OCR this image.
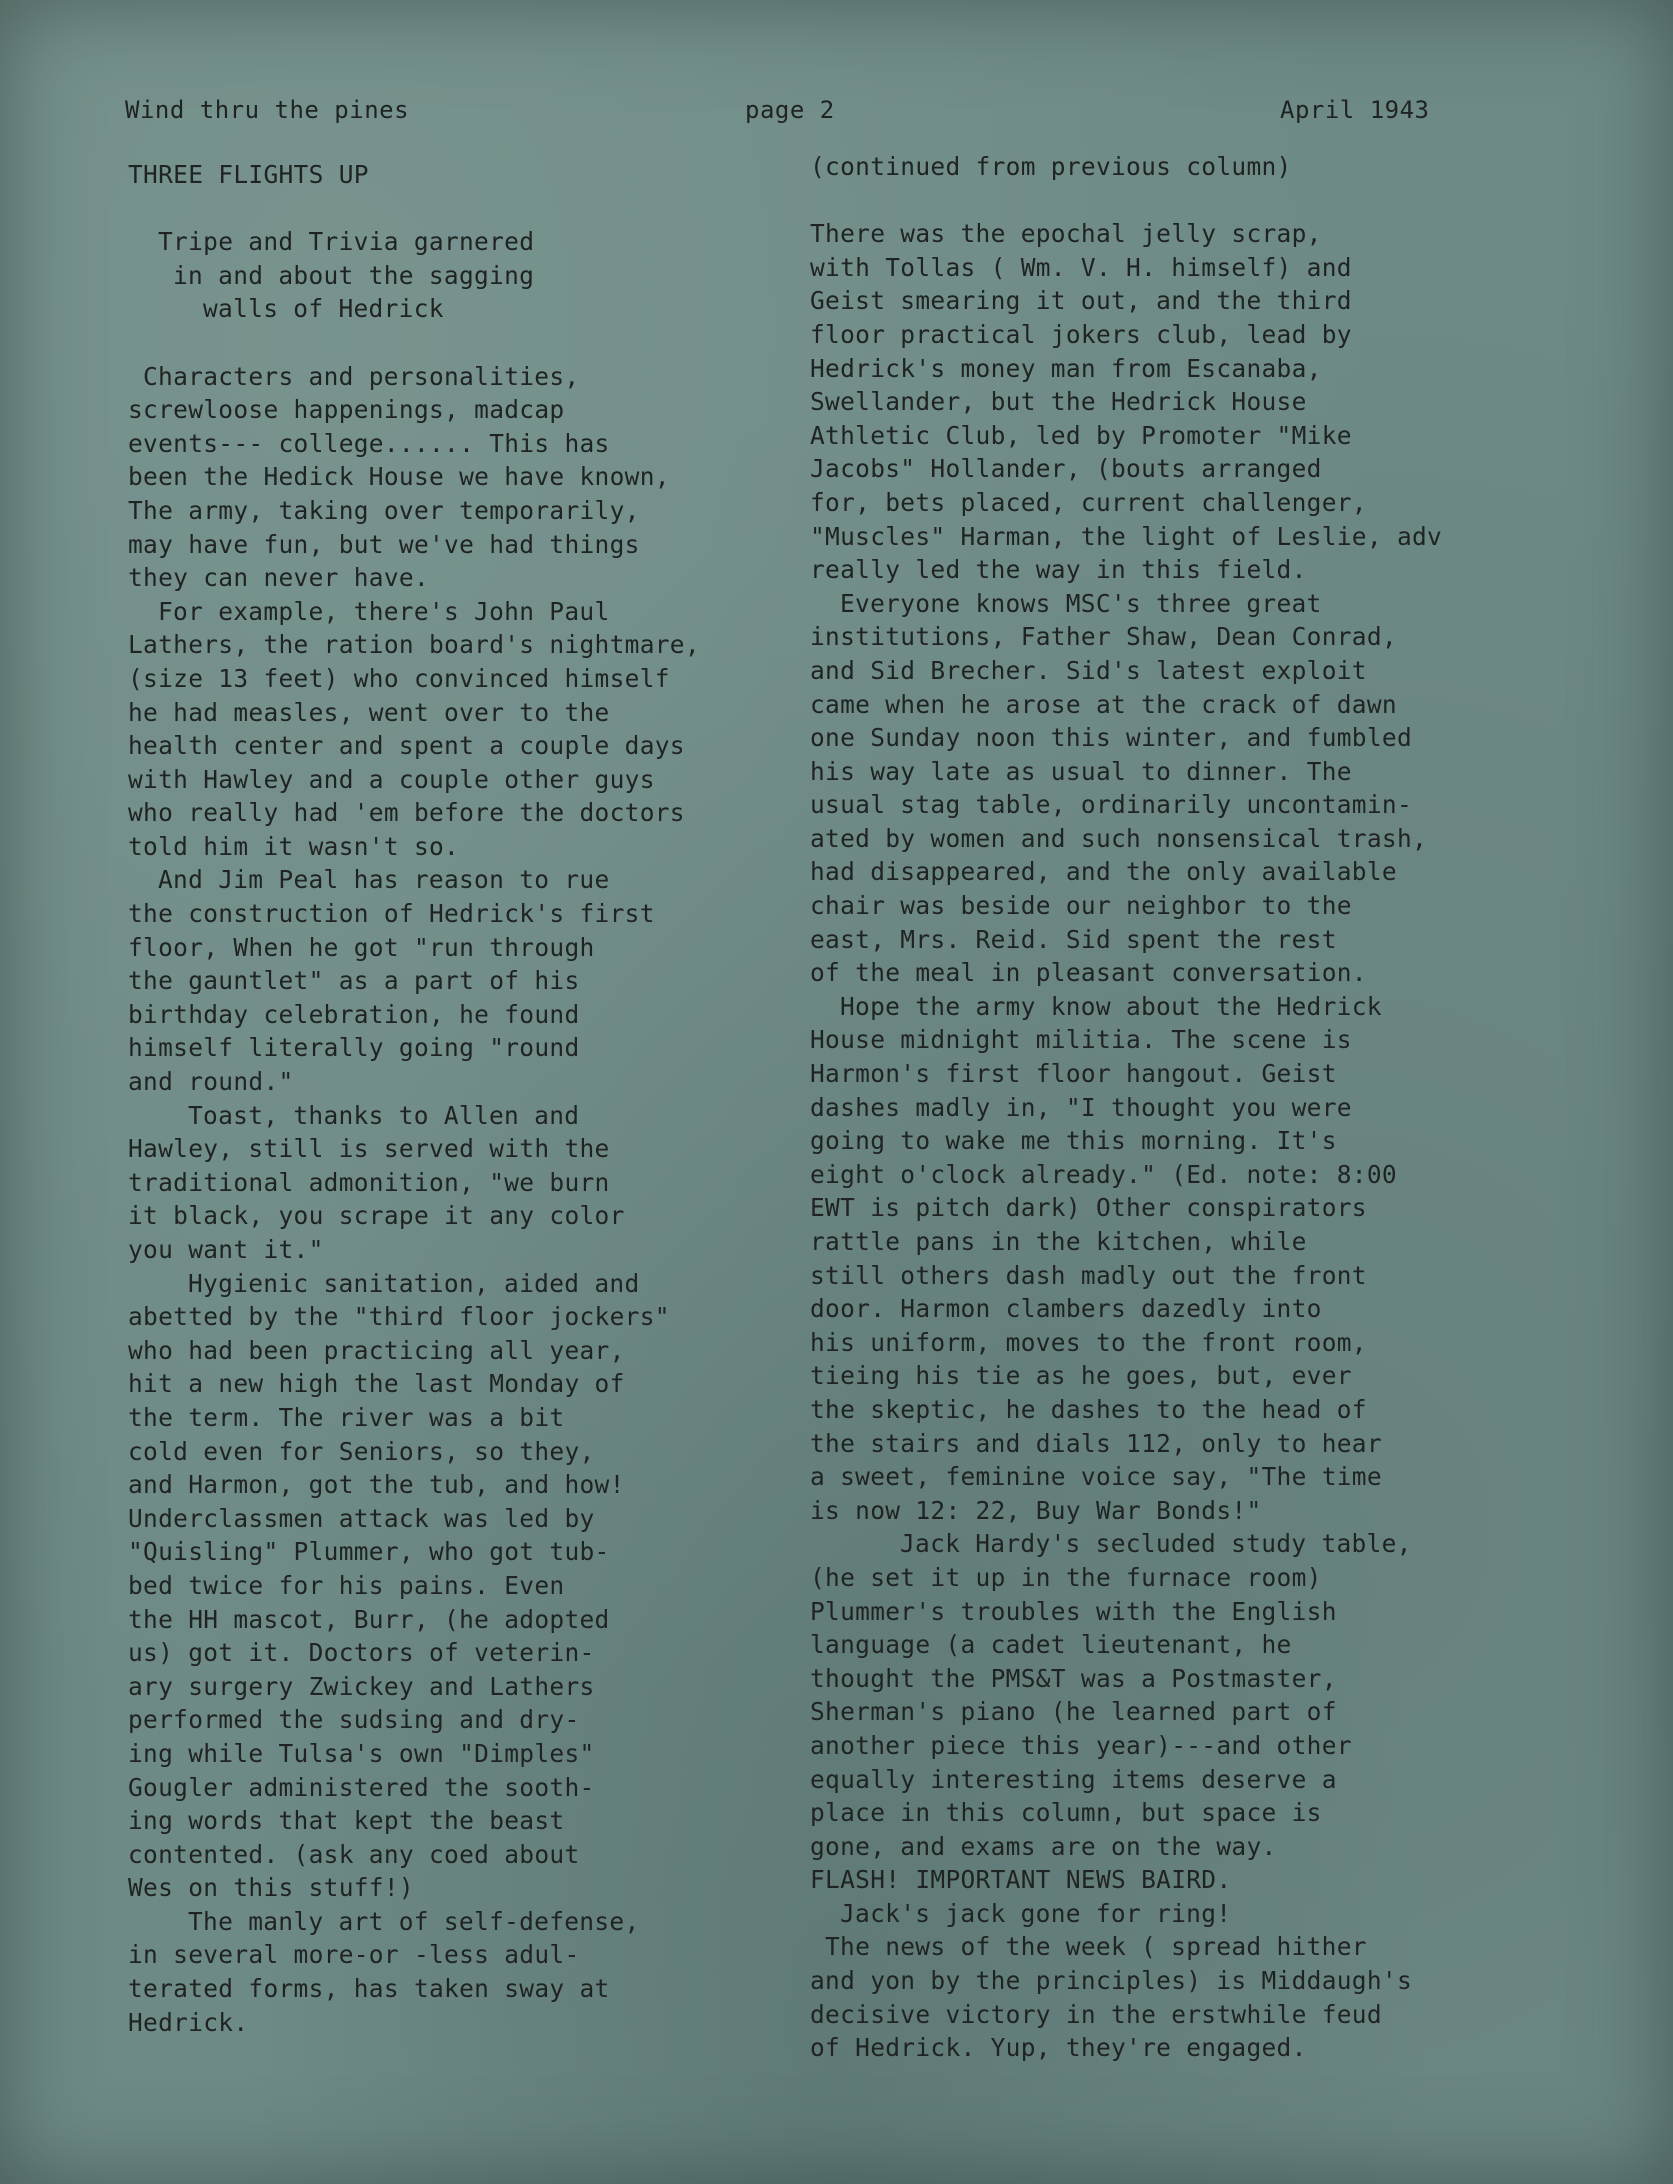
Wind thru the pines	page 2	April 1943
THREE FLIGHTS UP
Tripe and Trivia garnered
in and about the sagging
walls of Hedrick
Characters and personalities,
screwloose happenings, madcap
events--- college...... This has
been the Hedick House we have known,
The army, taking over temporarily,
may have fun, but we've had things
they can never have.
For example, there's John Paul
Lathers, the ration board's nightmare,
(size 13 feet) who convinced himself
he had measles, went over to the
health center and spent a couple days
with Hawley and a couple other guys
who really had 'em before the doctors
told him it wasn't so.
And Jim Peal has reason to rue
the construction of Hedrick's first
floor, When he got "run through
the gauntlet" as a part of his
birthday celebration, he found
himself literally going "round
and round."
Toast, thanks to Allen and
Hawley, still is served with the
traditional admonition, "we burn
it black, you scrape it any color
you want it."
Hygienic sanitation, aided and
abetted by the "third floor jockers"
who had been practicing all year,
hit a new high the last Monday of
the term. The river was a bit
cold even for Seniors, so they,
and Harmon, got the tub, and how!
Underclassmen attack was led by
"Quisling" Plummer, who got tub-
bed twice for his pains. Even
the HH mascot, Burr, (he adopted
us) got it. Doctors of veterin-
ary surgery Zwickey and Lathers
performed the sudsing and dry-
ing while Tulsa's own "Dimples"
Gougler administered the sooth-
ing words that kept the beast
contented. (ask any coed about
Wes on this stuff!)
The manly art of self-defense,
in several more-or -less adul-
terated forms, has taken sway at
Hedrick.
(continued from previous column)
There was the epochal jelly scrap,
with Tollas ( Wm. V. H. himself) and
Geist smearing it out, and the third
floor practical jokers club, lead by
Hedrick's money man from Escanaba,
Swellander, but the Hedrick House
Athletic Club, led by Promoter "Mike
Jacobs" Hollander, (bouts arranged
for, bets placed, current challenger,
"Muscles" Harman, the light of Leslie, adv
really led the way in this field.
Everyone knows MSC's three great
institutions, Father Shaw, Dean Conrad,
and Sid Brecher. Sid's latest exploit
came when he arose at the crack of dawn
one Sunday noon this winter, and fumbled
his way late as usual to dinner. The
usual stag table, ordinarily uncontamin-
ated by women and such nonsensical trash,
had disappeared, and the only available
chair was beside our neighbor to the
east, Mrs. Reid. Sid spent the rest
of the meal in pleasant conversation.
Hope the army know about the Hedrick
House midnight militia. The scene is
Harmon's first floor hangout. Geist
dashes madly in, "I thought you were
going to wake me this morning. It's
eight o'clock already." (Ed. note: 8:00
EWT is pitch dark) Other conspirators
rattle pans in the kitchen, while
still others dash madly out the front
door. Harmon clambers dazedly into
his uniform, moves to the front room,
tieing his tie as he goes, but, ever
the skeptic, he dashes to the head of
the stairs and dials 112, only to hear
a sweet, feminine voice say, "The time
is now 12: 22, Buy War Bonds!"
Jack Hardy's secluded study table,
(he set it up in the furnace room)
Plummer's troubles with the English
language (a cadet lieutenant, he
thought the PMS&T was a Postmaster,
Sherman's piano (he learned part of
another piece this year)---and other
equally interesting items deserve a
place in this column, but space is
gone, and exams are on the way.
FLASH! IMPORTANT NEWS BAIRD.
Jack's jack gone for ring!
The news of the week ( spread hither
and yon by the principles) is Middaugh's
decisive victory in the erstwhile feud
of Hedrick. Yup, they're engaged.
